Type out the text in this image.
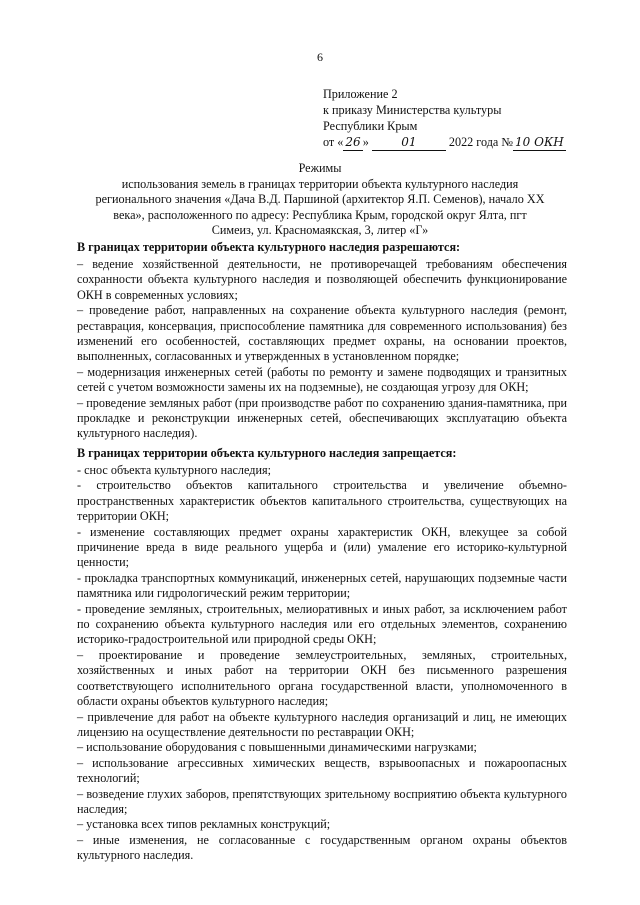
6
Приложение 2
к приказу Министерства культуры
Республики Крым
от « 26 »	01	2022 года № 10 ОКН
Режимы
использования земель в границах территории объекта культурного наследия регионального значения «Дача В.Д. Паршиной (архитектор Я.П. Семенов), начало XX века», расположенного по адресу: Республика Крым, городской округ Ялта, пгт Симеиз, ул. Красномаякская, 3, литер «Г»
В границах территории объекта культурного наследия разрешаются:

– ведение хозяйственной деятельности, не противоречащей требованиям обеспечения сохранности объекта культурного наследия и позволяющей обеспечить функционирование ОКН в современных условиях;

– проведение работ, направленных на сохранение объекта культурного наследия (ремонт, реставрация, консервация, приспособление памятника для современного использования) без изменений его особенностей, составляющих предмет охраны, на основании проектов, выполненных, согласованных и утвержденных в установленном порядке;

– модернизация инженерных сетей (работы по ремонту и замене подводящих и транзитных сетей с учетом возможности замены их на подземные), не создающая угрозу для ОКН;

– проведение земляных работ (при производстве работ по сохранению здания-памятника, при прокладке и реконструкции инженерных сетей, обеспечивающих эксплуатацию объекта культурного наследия).

В границах территории объекта культурного наследия запрещается:

- снос объекта культурного наследия;

- строительство объектов капитального строительства и увеличение объемно-пространственных характеристик объектов капитального строительства, существующих на территории ОКН;

- изменение составляющих предмет охраны характеристик ОКН, влекущее за собой причинение вреда в виде реального ущерба и (или) умаление его историко-культурной ценности;

- прокладка транспортных коммуникаций, инженерных сетей, нарушающих подземные части памятника или гидрологический режим территории;

- проведение земляных, строительных, мелиоративных и иных работ, за исключением работ по сохранению объекта культурного наследия или его отдельных элементов, сохранению историко-градостроительной или природной среды ОКН;

– проектирование и проведение землеустроительных, земляных, строительных, хозяйственных и иных работ на территории ОКН без письменного разрешения соответствующего исполнительного органа государственной власти, уполномоченного в области охраны объектов культурного наследия;

– привлечение для работ на объекте культурного наследия организаций и лиц, не имеющих лицензию на осуществление деятельности по реставрации ОКН;

– использование оборудования с повышенными динамическими нагрузками;

– использование агрессивных химических веществ, взрывоопасных и пожароопасных технологий;

– возведение глухих заборов, препятствующих зрительному восприятию объекта культурного наследия;

– установка всех типов рекламных конструкций;

– иные изменения, не согласованные с государственным органом охраны объектов культурного наследия.
